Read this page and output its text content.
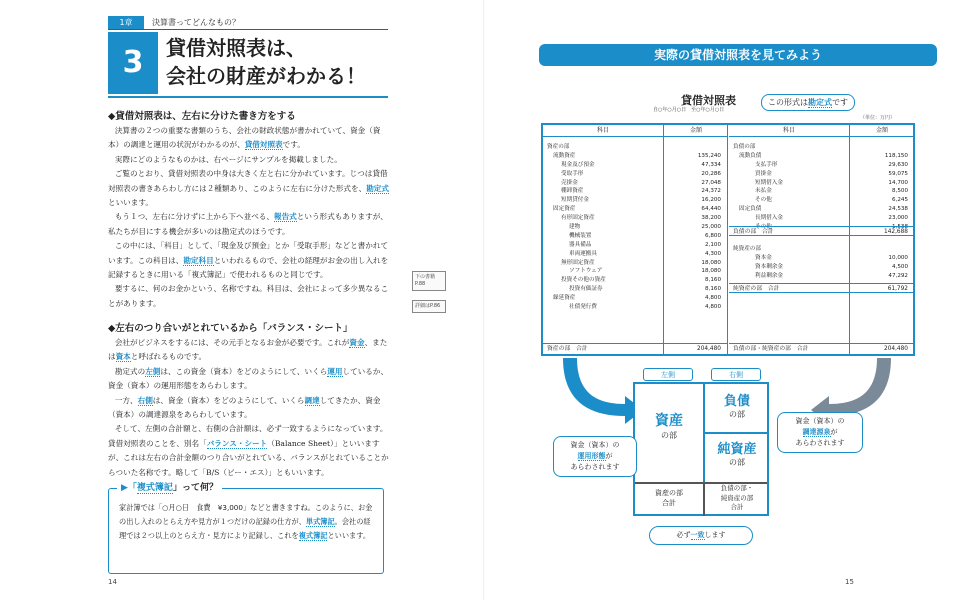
1章	決算書ってどんなもの？
3	貸借対照表は、
会社の財産がわかる！
◆貸借対照表は、左右に分けた書き方をする

決算書の２つの重要な書類のうち、会社の財政状態が書かれていて、資金（資本）の調達と運用の状況がわかるのが、貸借対照表です。

実際にどのようなものかは、右ページにサンプルを掲載しました。

ご覧のとおり、貸借対照表の中身は大きく左と右に分かれています。じつは貸借対照表の書きあらわし方には２種類あり、このように左右に分けた形式を、勘定式といいます。

もう１つ、左右に分けずに上から下へ並べる、報告式という形式もありますが、私たちが目にする機会が多いのは勘定式のほうです。

この中には、「科目」として、「現金及び預金」とか「受取手形」などと書かれています。この科目は、勘定科目といわれるもので、会社の経理がお金の出し入れを記録するときに用いる「複式簿記」で使われるものと同じです。

要するに、何のお金かという、名称ですね。科目は、会社によって多少異なることがあります。

下の書籍P.88
詳細はP.86
◆左右のつり合いがとれているから「バランス・シート」

会社がビジネスをするには、その元手となるお金が必要です。これが資金、または資本と呼ばれるものです。

勘定式の左側は、この資金（資本）をどのようにして、いくら運用しているか、資金（資本）の運用形態をあらわします。

一方、右側は、資金（資本）をどのようにして、いくら調達してきたか、資金（資本）の調達源泉をあらわしています。

そして、左側の合計額と、右側の合計額は、必ず一致するようになっています。貸借対照表のことを、別名「バランス・シート（Balance Sheet）」といいますが、これは左右の合計金額のつり合いがとれている、バランスがとれていることからついた名称です。略して「B/S（ビー・エス）」ともいいます。

▶「複式簿記」って何？
家計簿では「○月○日　食費　¥3,000」などと書きますね。このように、お金の出し入れのとらえ方や見方が１つだけの記録の仕方が、単式簿記。会社の経理では２つ以上のとらえ方・見方により記録し、これを複式簿記といいます。
14
実際の貸借対照表を見てみよう
貸借対照表
自○年○月○日　至○年○月○日
この形式は勘定式です
（単位：万円）
科目	金額
資産の部
流動資産	135,240
現金及び預金	47,334
受取手形	20,286
売掛金	27,048
棚卸資産	24,372
短期貸付金	16,200
固定資産	64,440
有形固定資産	38,200
建物	25,000
機械装置	6,800
器具備品	2,100
車両運搬具	4,300
無形固定資産	18,080
ソフトウェア	18,080
投資その他の資産	8,160
投資有価証券	8,160
繰延資産	4,800
社債発行費	4,800
資産の部　合計	204,480
科目	金額
負債の部
流動負債	118,150
支払手形	29,630
買掛金	59,075
短期借入金	14,700
未払金	8,500
その他	6,245
固定負債	24,538
長期借入金	23,000
その他	1,538
負債の部　合計	142,688
純資産の部
資本金	10,000
資本剰余金	4,500
利益剰余金	47,292
純資産の部　合計	61,792
負債の部・純資産の部　合計	204,480
左側	右側
資産
の部
負債
の部
純資産
の部
資産の部
合計
負債の部・
純資産の部
合計
資金（資本）の
運用形態が
あらわされます
資金（資本）の
調達源泉が
あらわされます
必ず一致します
15
